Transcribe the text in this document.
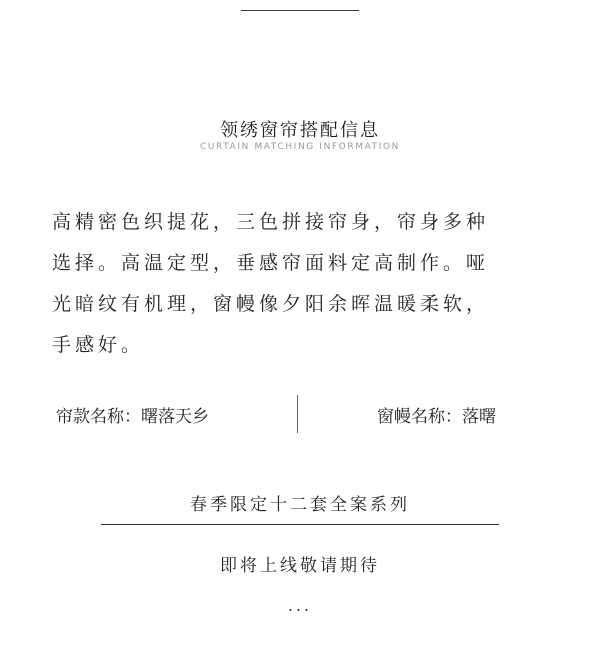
领绣窗帘搭配信息
CURTAIN MATCHING INFORMATION

高精密色织提花，三色拼接帘身，帘身多种
选择。高温定型，垂感帘面料定高制作。哑
光暗纹有机理，窗幔像夕阳余晖温暖柔软，
手感好。

帘款名称：曙落天乡	窗幔名称：落曙
春季限定十二套全案系列
即将上线敬请期待
...
